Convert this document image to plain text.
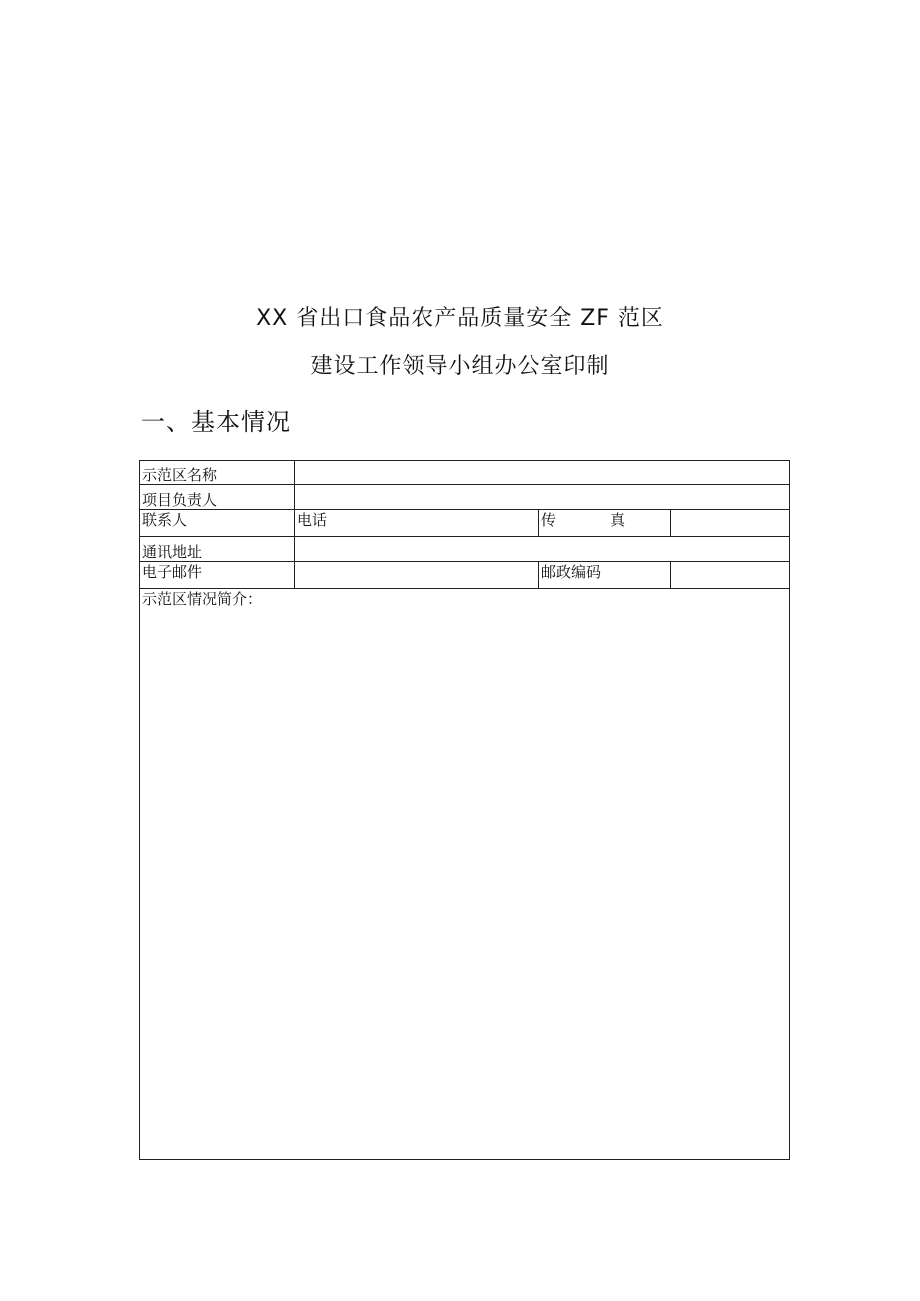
XX 省出口食品农产品质量安全 ZF 范区
建设工作领导小组办公室印制
一、基本情况
示范区名称			
项目负责人			
联系人	电话	传 真	

通讯地址			
电子邮件		邮政编码	
示范区情况简介：			
